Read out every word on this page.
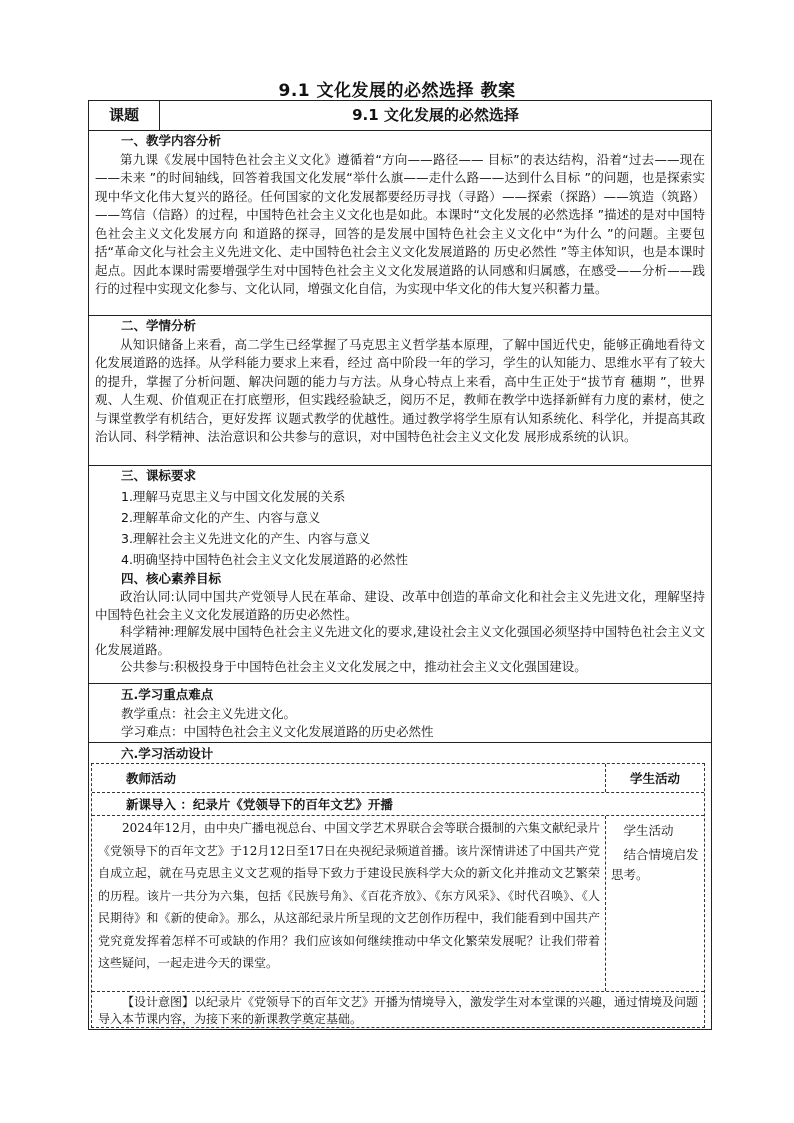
9.1 文化发展的必然选择 教案
课题	9.1 文化发展的必然选择
一、教学内容分析
第九课《发展中国特色社会主义文化》遵循着“方向——路径—— 目标”的表达结构，沿着“过去——现在——未来 ”的时间轴线，回答着我国文化发展“举什么旗——走什么路——达到什么目标 ”的问题，也是探索实现中华文化伟大复兴的路径。任何国家的文化发展都要经历寻找（寻路）——探索（探路）——筑造（筑路）——笃信（信路）的过程，中国特色社会主义文化也是如此。本课时“文化发展的必然选择 ”描述的是对中国特色社会主义文化发展方向 和道路的探寻，回答的是发展中国特色社会主义文化中“为什么 ”的问题。主要包括“革命文化与社会主义先进文化、走中国特色社会主义文化发展道路的 历史必然性 ”等主体知识，也是本课时起点。因此本课时需要增强学生对中国特色社会主义文化发展道路的认同感和归属感，在感受——分析——践行的过程中实现文化参与、文化认同，增强文化自信，为实现中华文化的伟大复兴积蓄力量。
二、学情分析
从知识储备上来看，高二学生已经掌握了马克思主义哲学基本原理，了解中国近代史，能够正确地看待文化发展道路的选择。从学科能力要求上来看，经过 高中阶段一年的学习，学生的认知能力、思维水平有了较大的提升，掌握了分析问题、解决问题的能力与方法。从身心特点上来看，高中生正处于“拔节育 穗期 ”，世界观、人生观、价值观正在打底塑形，但实践经验缺乏，阅历不足，教师在教学中选择新鲜有力度的素材，使之与课堂教学有机结合，更好发挥 议题式教学的优越性。通过教学将学生原有认知系统化、科学化，并提高其政治认同、科学精神、法治意识和公共参与的意识，对中国特色社会主义文化发 展形成系统的认识。
三、课标要求
1.理解马克思主义与中国文化发展的关系
2.理解革命文化的产生、内容与意义
3.理解社会主义先进文化的产生、内容与意义
4.明确坚持中国特色社会主义文化发展道路的必然性
四、核心素养目标
政治认同:认同中国共产党领导人民在革命、建设、改革中创造的革命文化和社会主义先进文化，理解坚持中国特色社会主义文化发展道路的历史必然性。
科学精神:理解发展中国特色社会主义先进文化的要求,建设社会主义文化强国必须坚持中国特色社会主义文化发展道路。
公共参与:积极投身于中国特色社会主义文化发展之中，推动社会主义文化强国建设。
五.学习重点难点
教学重点：社会主义先进文化。
学习难点：中国特色社会主义文化发展道路的历史必然性
六.学习活动设计
教师活动	学生活动
新课导入 ：纪录片《党领导下的百年文艺》开播
2024年12月，由中央广播电视总台、中国文学艺术界联合会等联合摄制的六集文献纪录片《党领导下的百年文艺》于12月12日至17日在央视纪录频道首播。该片深情讲述了中国共产党自成立起，就在马克思主义文艺观的指导下致力于建设民族科学大众的新文化并推动文艺繁荣的历程。该片一共分为六集，包括《民族号角》、《百花齐放》、《东方风采》、《时代召唤》、《人民期待》和《新的使命》。那么，从这部纪录片所呈现的文艺创作历程中，我们能看到中国共产党究竟发挥着怎样不可或缺的作用？我们应该如何继续推动中华文化繁荣发展呢？让我们带着这些疑问，一起走进今天的课堂。
学生活动
结合情境启发思考。
【设计意图】以纪录片《党领导下的百年文艺》开播为情境导入，激发学生对本堂课的兴趣，通过情境及问题导入本节课内容，为接下来的新课教学奠定基础。
